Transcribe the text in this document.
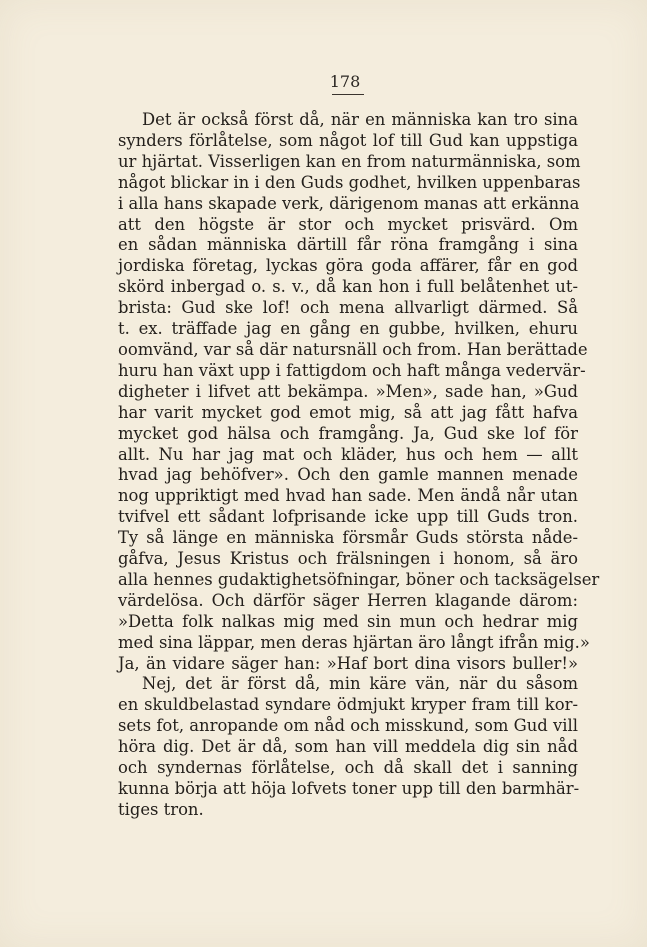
178
Det är också först då, när en människa kan tro sina
synders förlåtelse, som något lof till Gud kan uppstiga
ur hjärtat. Visserligen kan en from naturmänniska, som
något blickar in i den Guds godhet, hvilken uppenbaras
i alla hans skapade verk, därigenom manas att erkänna
att den högste är stor och mycket prisvärd. Om
en sådan människa därtill får röna framgång i sina
jordiska företag, lyckas göra goda affärer, får en god
skörd inbergad o. s. v., då kan hon i full belåtenhet ut-
brista: Gud ske lof! och mena allvarligt därmed. Så
t. ex. träffade jag en gång en gubbe, hvilken, ehuru
oomvänd, var så där natursnäll och from. Han berättade
huru han växt upp i fattigdom och haft många vedervär-
digheter i lifvet att bekämpa. »Men», sade han, »Gud
har varit mycket god emot mig, så att jag fått hafva
mycket god hälsa och framgång. Ja, Gud ske lof för
allt. Nu har jag mat och kläder, hus och hem — allt
hvad jag behöfver». Och den gamle mannen menade
nog uppriktigt med hvad han sade. Men ändå når utan
tvifvel ett sådant lofprisande icke upp till Guds tron.
Ty så länge en människa försmår Guds största nåde-
gåfva, Jesus Kristus och frälsningen i honom, så äro
alla hennes gudaktighetsöfningar, böner och tacksägelser
värdelösa. Och därför säger Herren klagande därom:
»Detta folk nalkas mig med sin mun och hedrar mig
med sina läppar, men deras hjärtan äro långt ifrån mig.»
Ja, än vidare säger han: »Haf bort dina visors buller!»
Nej, det är först då, min käre vän, när du såsom
en skuldbelastad syndare ödmjukt kryper fram till kor-
sets fot, anropande om nåd och misskund, som Gud vill
höra dig. Det är då, som han vill meddela dig sin nåd
och syndernas förlåtelse, och då skall det i sanning
kunna börja att höja lofvets toner upp till den barmhär-
tiges tron.
